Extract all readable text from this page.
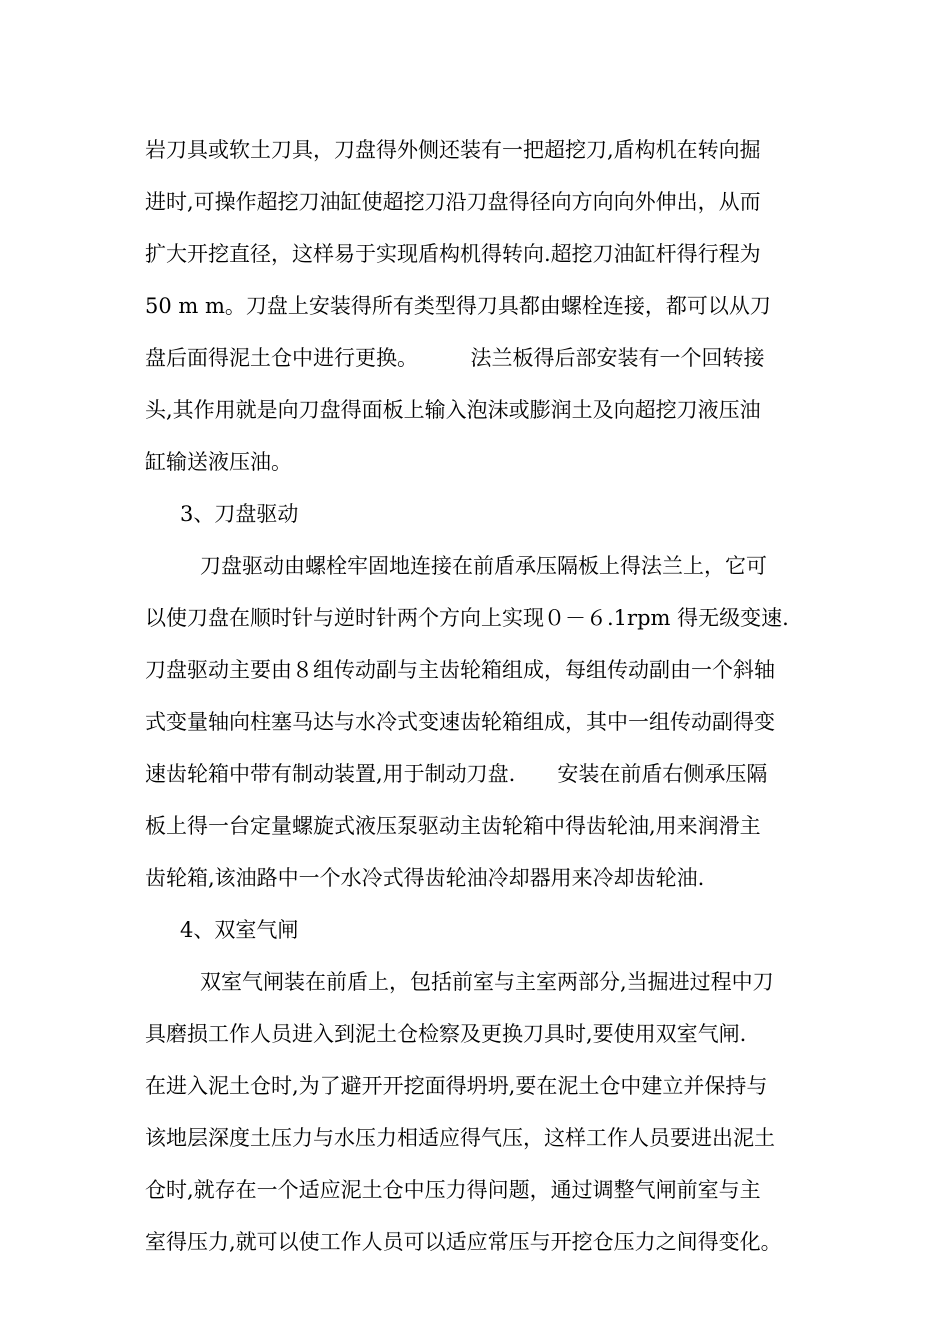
岩刀具或软土刀具，刀盘得外侧还装有一把超挖刀,盾构机在转向掘
进时,可操作超挖刀油缸使超挖刀沿刀盘得径向方向向外伸出，从而
扩大开挖直径，这样易于实现盾构机得转向.超挖刀油缸杆得行程为
50 m m。刀盘上安装得所有类型得刀具都由螺栓连接，都可以从刀
盘后面得泥土仓中进行更换。　　　法兰板得后部安装有一个回转接
头,其作用就是向刀盘得面板上输入泡沫或膨润土及向超挖刀液压油
缸输送液压油。
3、刀盘驱动
刀盘驱动由螺栓牢固地连接在前盾承压隔板上得法兰上，它可
以使刀盘在顺时针与逆时针两个方向上实现０－６.1rpm 得无级变速.
刀盘驱动主要由８组传动副与主齿轮箱组成，每组传动副由一个斜轴
式变量轴向柱塞马达与水冷式变速齿轮箱组成，其中一组传动副得变
速齿轮箱中带有制动装置,用于制动刀盘.　　安装在前盾右侧承压隔
板上得一台定量螺旋式液压泵驱动主齿轮箱中得齿轮油,用来润滑主
齿轮箱,该油路中一个水冷式得齿轮油冷却器用来冷却齿轮油.
4、双室气闸
双室气闸装在前盾上，包括前室与主室两部分,当掘进过程中刀
具磨损工作人员进入到泥土仓检察及更换刀具时,要使用双室气闸.
在进入泥土仓时,为了避开开挖面得坍坍,要在泥土仓中建立并保持与
该地层深度土压力与水压力相适应得气压，这样工作人员要进出泥土
仓时,就存在一个适应泥土仓中压力得问题，通过调整气闸前室与主
室得压力,就可以使工作人员可以适应常压与开挖仓压力之间得变化。
